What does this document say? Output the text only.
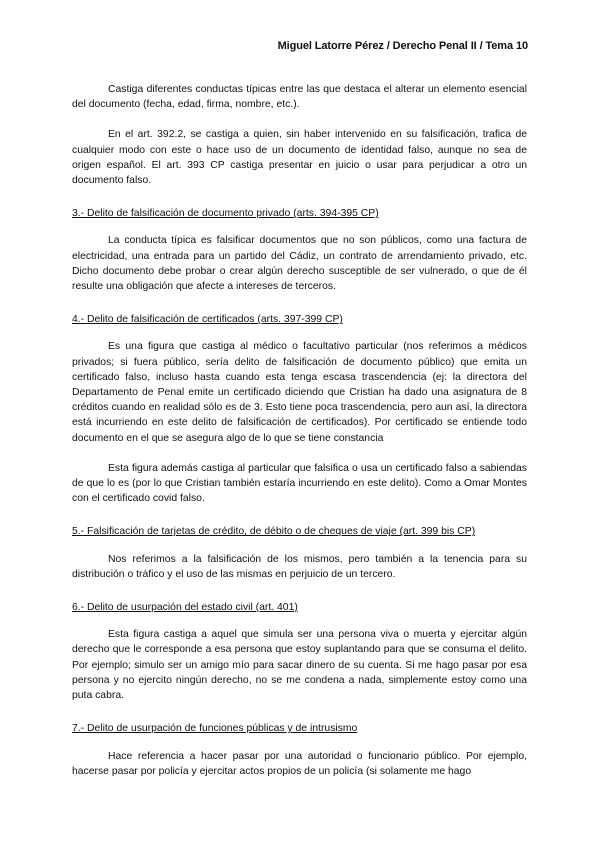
Miguel Latorre Pérez / Derecho Penal II / Tema 10

Castiga diferentes conductas típicas entre las que destaca el alterar un elemento esencial del documento (fecha, edad, firma, nombre, etc.).

En el art. 392.2, se castiga a quien, sin haber intervenido en su falsificación, trafica de cualquier modo con este o hace uso de un documento de identidad falso, aunque no sea de origen español. El art. 393 CP castiga presentar en juicio o usar para perjudicar a otro un documento falso.

3.- Delito de falsificación de documento privado (arts. 394-395 CP)

La conducta típica es falsificar documentos que no son públicos, como una factura de electricidad, una entrada para un partido del Cádiz, un contrato de arrendamiento privado, etc. Dicho documento debe probar o crear algún derecho susceptible de ser vulnerado, o que de él resulte una obligación que afecte a intereses de terceros.

4.- Delito de falsificación de certificados (arts. 397-399 CP)

Es una figura que castiga al médico o facultativo particular (nos referimos a médicos privados; si fuera público, sería delito de falsificación de documento público) que emita un certificado falso, incluso hasta cuando esta tenga escasa trascendencia (ej: la directora del Departamento de Penal emite un certificado diciendo que Cristian ha dado una asignatura de 8 créditos cuando en realidad sólo es de 3. Esto tiene poca trascendencia, pero aun así, la directora está incurriendo en este delito de falsificación de certificados). Por certificado se entiende todo documento en el que se asegura algo de lo que se tiene constancia

Esta figura además castiga al particular que falsifica o usa un certificado falso a sabiendas de que lo es (por lo que Cristian también estaría incurriendo en este delito). Como a Omar Montes con el certificado covid falso.

5.- Falsificación de tarjetas de crédito, de débito o de cheques de viaje (art. 399 bis CP)

Nos referimos a la falsificación de los mismos, pero también a la tenencia para su distribución o tráfico y el uso de las mismas en perjuicio de un tercero.

6.- Delito de usurpación del estado civil (art. 401)

Esta figura castiga a aquel que simula ser una persona viva o muerta y ejercitar algún derecho que le corresponde a esa persona que estoy suplantando para que se consuma el delito. Por ejemplo; simulo ser un amigo mío para sacar dinero de su cuenta. Si me hago pasar por esa persona y no ejercito ningún derecho, no se me condena a nada, simplemente estoy como una puta cabra.

7.- Delito de usurpación de funciones públicas y de intrusismo

Hace referencia a hacer pasar por una autoridad o funcionario público. Por ejemplo, hacerse pasar por policía y ejercitar actos propios de un policía (si solamente me hago
